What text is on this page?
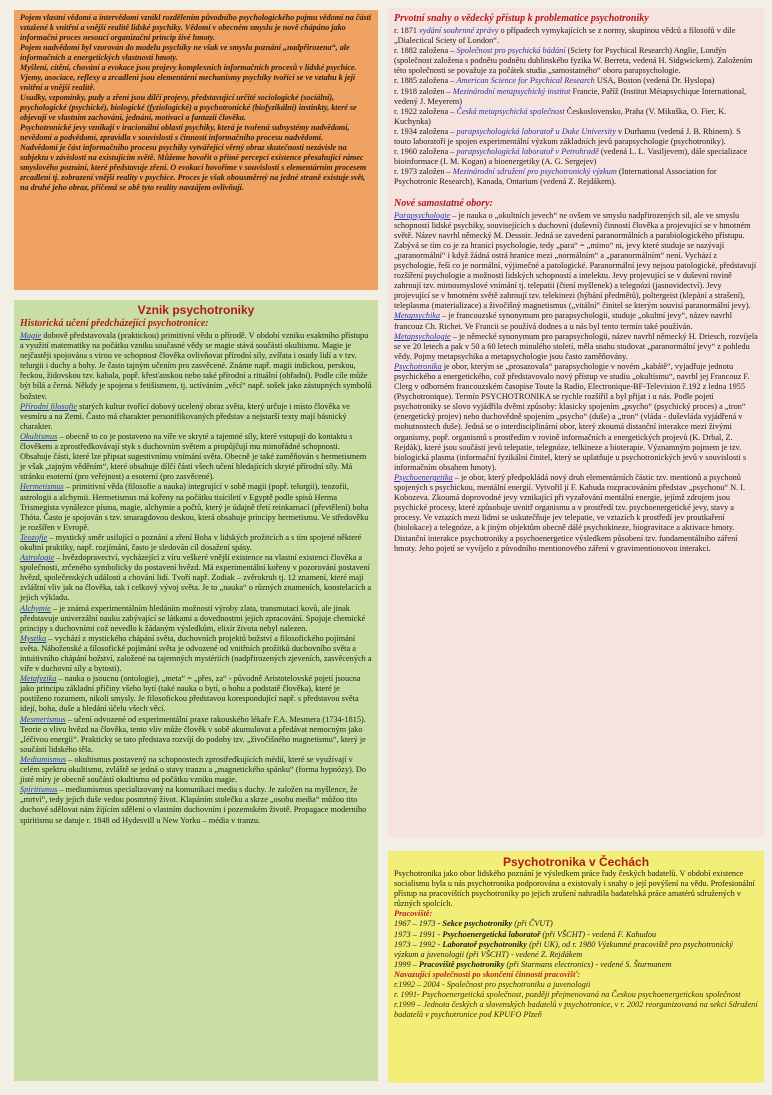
Pojem vlastní vědomí a intervědomí vznikl rozdělením původního psychologického pojmu vědomí na části vztažené k vnitřní a vnější realitě lidské psychiky. Vědomí v obecném smyslu je nově chápáno jako informační proces nesoucí organizační princip živé hmoty.

Pojem nadvědomí byl vzorován do modelu psychiky ne však ve smyslu poznání „nadpřirozena“, ale informačních a energetických vlastností hmoty.

Myšlení, cítění, chování a evokace jsou projevy komplexních informačních procesů v lidské psychice.

Vjemy, asociace, reflexy a zrcadlení jsou elementární mechanismy psychiky tvořící se ve vztahu k její vnitřní a vnější realitě.

Usudky, vzpomínky, pudy a zření jsou dílčí projevy, představující určité sociologické (sociální), psychologické (psychické), biologické (fyziologické) a psychotronické (biofyzikální) instinkty, které se objevují ve vlastním zachování, jednání, motivaci a fantazii člověka.

Psychotronické jevy vznikají v iracionální oblasti psychiky, která je tvořená subsystémy nadvědomí, nevědomí a podvědomí, zpravidla v souvislosti s činností informačního procesu nadvědomí.

Nadvědomí je část informačního procesu psychiky vytvářející věrný obraz skutečnosti nezávisle na subjektu v závislosti na existujícím světě. Můžeme hovořit o přímé percepci existence přesahující rámec smyslového poznání, které představuje zření. O evokaci hovoříme v souvislosti s elementárním procesem zrcadlení tj. zobrazení vnější reality v psychice. Proces je však obousměrný na jedné straně existuje svět, na druhé jeho obraz, přičemž se obě tyto reality navzájem ovlivňují.

Vznik psychotroniky
Historická učení předcházející psychotronice:

Magie dobově představovala (praktickou) primitivní vědu o přírodě. V období vzniku exaktního přístupu a využití matematiky na počátku vzniku současné vědy se magie stává součástí okultismu. Magie je nejčastěji spojována s virou ve schopnost člověka ovlivňovat přírodní síly, zvířata i osudy lidí a v tzv. telurgii i duchy a bohy. Je často tajným učením pro zasvěcené. Známe např. magii indickou, perskou, řeckou, židovskou tzv. kabala, popř. křesťanskou nebo také přírodní a rituální (obřadní). Podle cíle může být bílá a černá. Někdy je spojena s fetišismem, tj. uctíváním „věcí“ např. sošek jako zástupných symbolů božstev.

Přírodní filosofie starých kultur tvořící dobový ucelený obraz světa, který určuje i místo člověka ve vesmíru a na Zemi. Často má charakter personifikovaných představ a nejstarší texty mají básnický charakter.

Okultismus – obecně to co je postaveno na víře ve skryté a tajemné síly, které vstupují do kontaktu s člověkem a zprostředkovávají styk s duchovním světem a propůjčují mu mimořádné schopnosti. Obsahuje části, které lze připsat sugestivnímu vnímání světa. Obecně je také zaměňován s hermetismem je však „tajným věděním“, které obsahuje dílčí části všech učení hledajících skryté přírodní síly. Má stránku esoterní (pro veřejnost) a esoterní (pro zasvěcené).

Hermetismus – primitivní věda (filosofie a nauka) integrující v sobě magii (popř. telurgii), teozofii, astrologii a alchymii. Hermetismus má kořeny na počátku tisíciletí v Egyptě podle spisů Herma Trismegista vynálezce písma, magie, alchymie a počtů, který je údajně třetí reinkarnací (převtělení) boha Thóta. Často je spojován s tzv. smaragdovou deskou, která obsahuje principy hermetismu. Ve středověku je rozšířen v Evropě.

Teozofie – mystický směr usilující o poznání a zření Boha v lidských prožitcích a s tím spojené některé okultní praktiky, např. rozjímání, často je sledován cíl dosažení spásy.

Astrologie – hvězdopravectví, vycházející z víru veškeré vnější existence na vlastní existenci člověka a společnosti, zrčeného symbolicky do postavení hvězd. Má experimentální kořeny v pozorování postavení hvězd, společenských událostí a chování lidí. Tvoří např. Zodiak – zvěrokruh tj. 12 znamení, které mají zvláštní vliv jak na člověka, tak i celkový vývoj světa. Je to „nauka“ o různých znameních, konstelacích a jejich výkladu.

Alchymie – je známá experimentálním hledáním možností výroby zlata, transmutaci kovů, ale jinak představuje univerzální nauku zabývající se látkami a dovednostmi jejich zpracování. Spojuje chemické principy s duchovními což nevedlo k žádaným výsledkům, elixír života nebyl nalezen.

Mystika – vychází z mystického chápání světa, duchovních projektů božství a filosofického pojímání světa. Náboženské a filosofické pojímání světa je odvozené od vnitřních prožitků duchovního světa a intuitivního chápání božství, založené na tajemných mystériích (nadpřirozených zjeveních, zasvěcených a víře v duchovní síly a bytosti).

Metafyzika – nauka o jsoucnu (ontologie), „meta“ = „přes, za“ - původně Aristotelovské pojetí jsoucna jako principu základní příčiny všeho bytí (také nauka o bytí, o bohu a podstatě člověka), které je postiženo rozumem, nikoli smysly. Je filosofickou představou korespondující např. s představou světa idejí, boha, duše a hledání účelu všech věcí.

Mesmerismus – učení odvozené od experimentální praxe rakouského lékaře F.A. Mesmera (1734-1815). Teorie o vlivu hvězd na člověka, tento vliv může člověk v sobě akumulovat a předávat nemocným jako „léčivou energii“. Prakticky se tato představa rozvíjí do podoby tzv. „živočišného magnetismu“, který je součástí lidského těla.

Mediumismus – okultismus postavený na schopnostech zprostředkujících médií, které se využívají v celém spektru okultismu, zvláště se jedná o stavy tranzu a „magnetického spánku“ (forma hypnózy). Do jisté míry je obecně součástí okultismu od počátku vzniku magie.

Spiritismus – mediumismus specializovaný na komunikaci media s duchy. Je založen na myšlence, že „mrtví“, tedy jejich duše vedou posmrtný život. Klapáním stolečku a skrze „osobu media“ můžou tito duchové sdělovat nám žijícím sdělení o vlastním duchovním i pozemském životě. Propagace moderního spiritismu se datuje r. 1848 od Hydesvill u New Yorku – média v tranzu.

Prvotní snahy o vědecký přístup k problematice psychotroniky

r. 1871 vydání souhrnné zprávy o případech vymykajících se z normy, skupinou vědců a filosofů v díle „Dialectical Sciety of London“.

r. 1882 založena – Společnost pro psychická bádání (Sciety for Psychical Research) Anglie, Londýn (společnost založena s podnětu podnětu dublinského fyzika W. Berreta, vedená H. Sidgwickem). Založením této společnosti se považuje za počátek studia „samostatného“ oboru parapsychologie.

r. 1885 založena – American Science for Psychical Research USA, Boston (vedená Dr. Hyslopa)

r. 1918 založen – Mezinárodní metapsychický institut Francie, Paříž (Institut Métapsychique International, vedený J. Meyerem)

r. 1922 založena – Česká metapsychická společnost Československo, Praha (V. Mikuška, O. Fier, K. Kuchynka)

r. 1934 založena – parapsychologická laboratoř u Duke University v Durhamu (vedená J. B. Rhinem). S touto laboratoří je spojen experimentální výzkum základních jevů parapsychologie (psychotroniky).

r. 1960 založena – parapsychologická laboratoř v Petrohradě (vedená L. L. Vasiljevem), dále specializace bioinformace (I. M. Kogan) a bioenergetiky (A. G. Sergejev)

r. 1973 založen – Mezinárodní sdružení pro psychotronický výzkum (International Association for Psychotronic Research), Kanada, Ontarium (vedená Z. Rejdákem).

Nové samostatné obory:

Parapsychologie – je nauka o „okultních jevech“ ne ovšem ve smyslu nadpřirozených sil, ale ve smyslu schopností lidské psychiky, souvisejících s duchovní (duševní) činností člověka a projevující se v hmotném světě. Název navrhl německý M. Dessoir. Jedná se zavedení paranormálních a parabiologického přístupu. Zabývá se tím co je za hranicí psychologie, tedy „para“ = „mimo“ ni, jevy které studuje se nazývají „paranormální“ i když žádná ostrá hranice mezi „normálním“ a „paranormálním“ není. Vychází z psychologie, řeší co je normální, výjimečné a patologické. Paranormální jevy nejsou patologické, představují rozšíření psychologie a možnosti lidských schopností a intelektu. Jevy projevující se v duševní rovině zahrnují tzv. mimosmyslové vnímání tj. telepatii (čtení myšlenek) a telegnózi (jasnovidectví). Jevy projevující se v hmotném světě zahrnují tzv. telekinezi (hýbání předmětů), poltergeist (klepání a strašení), teleplasma (materializace) a živočišný magnetismus („vitální“ činitel se kterým souvisí paranormální jevy).

Metapsychika – je francouzské synonymum pro parapsychologii, studuje „okultní jevy“, název navrhl francouz Ch. Richet. Ve Francii se používá dodnes a u nás byl tento termín také používán.

Metapsychologie – je německé synonymum pro parapsychologii, název navrhl německý H. Driesch, rozvíjela se ve 20 letech a pak v 50 a 60 letech minulého století, měla snahu studovat „paranormální jevy“ z pohledu vědy. Pojmy metapsychika a metapsychologie jsou často zaměňovány.

Psychotronika je obor, kterým se „prosazovala“ parapsychologie v novém „kabátě“, vyjadřuje jednotu psychického a energetického, což představovalo nový přístup ve studiu „okultismu“, navrhl jej Francouz F. Clerg v odborném francouzském časopise Toute la Radio, Electronique-BF-Television č.192 z ledna 1955 (Psychotronique). Termín PSYCHOTRONIKA se rychle rozšířil a byl přijat i u nás. Podle pojetí psychotroniky se slovo vyjádřila dvěmi způsoby: klasicky spojením „psycho“ (psychický proces) a „tron“ (energetický projev) nebo duchovědně spojením „psycho“ (duše) a „tron“ (vláda - duševláda vyjádřená v mohutnostech duše). Jedná se o interdisciplinární obor, který zkoumá distanční interakce mezi živými organismy, popř. organismů s prostředím v rovině informačních a energetických projevů (K. Drbal, Z. Rejdák), které jsou součástí jevů telepatie, telegnóze, telkineze a bioterapie. Významným pojmem je tzv. biologická plasma (informační fyzikální činitel, který se uplatňuje u psychotronických jevů v souvislosti s informačním obsahem hmoty).

Psychoenergetika – je obor, který předpokládá nový druh elementárních částic tzv. mentionů a psychonů spojených s psychickou, mentální energií. Vytvořil jí F. Kahuda rozpracováním představ „psychonu“ N. I. Kobozeva. Zkoumá doprovodné jevy vznikající při vyzařování mentální energie, jejímž zdrojem jsou psychické procesy, které způsobuje uvnitř organismu a v prostředí tzv. psychoenergetické jevy, stavy a procesy. Ve vztazích mezi lidmi se uskutečňuje jev telepatie, ve vztazích k prostředí jev proutkaření (biolokace) a telegnóze, a k jiným objektům obecně dálé psychokineze, biogravitace a aktivace hmoty. Distanční interakce psychotroniky a psychoenergetice výsledkem působení tzv. fundamentálního záření hmoty. Jeho pojetí se vyvíjelo z původního mentionového záření v gravimentionovou interakci.

Psychotronika v Čechách

Psychotronika jako obor lidského poznání je výsledkem práce řady českých badatelů. V období existence socialismu byla u nás psychotronika podporována a existovaly i snahy o její povýšení na vědu. Profesionální přístup na pracovištích psychotroniky po jejich zrušení nahradila badatelská práce amatérů sdružených v různých spolcích.

Pracoviště:

1967 – 1973 - Sekce psychotroniky (při ČVUT)

1973 – 1991 - Psychoenergetická laboratoř (při VŠCHT) - vedená F. Kahudou

1973 – 1992 - Laboratoř psychotroniky (při UK), od r. 1980 Výzkumné pracoviště pro psychotronický výzkum a juvenologii (při VŠCHT) - vedené Z. Rejdákem

1999 – Pracoviště psychotroniky (při Starmans electronics) - vedené S. Šturmanem

Navazující společnosti po skončení činnosti pracovišť:

r.1992 – 2004 - Společnost pro psychotroniku a juvenologii

r. 1991- Psychoenergetická společnost, později přejmenovaná na Českou psychoenergetickou společnost

r.1999 – Jednota českých a slovenských badatelů v psychotronice, v r. 2002 reorganizovaná na sekci Sdružení badatelů v psychotronice pod KPUFO Plzeň
